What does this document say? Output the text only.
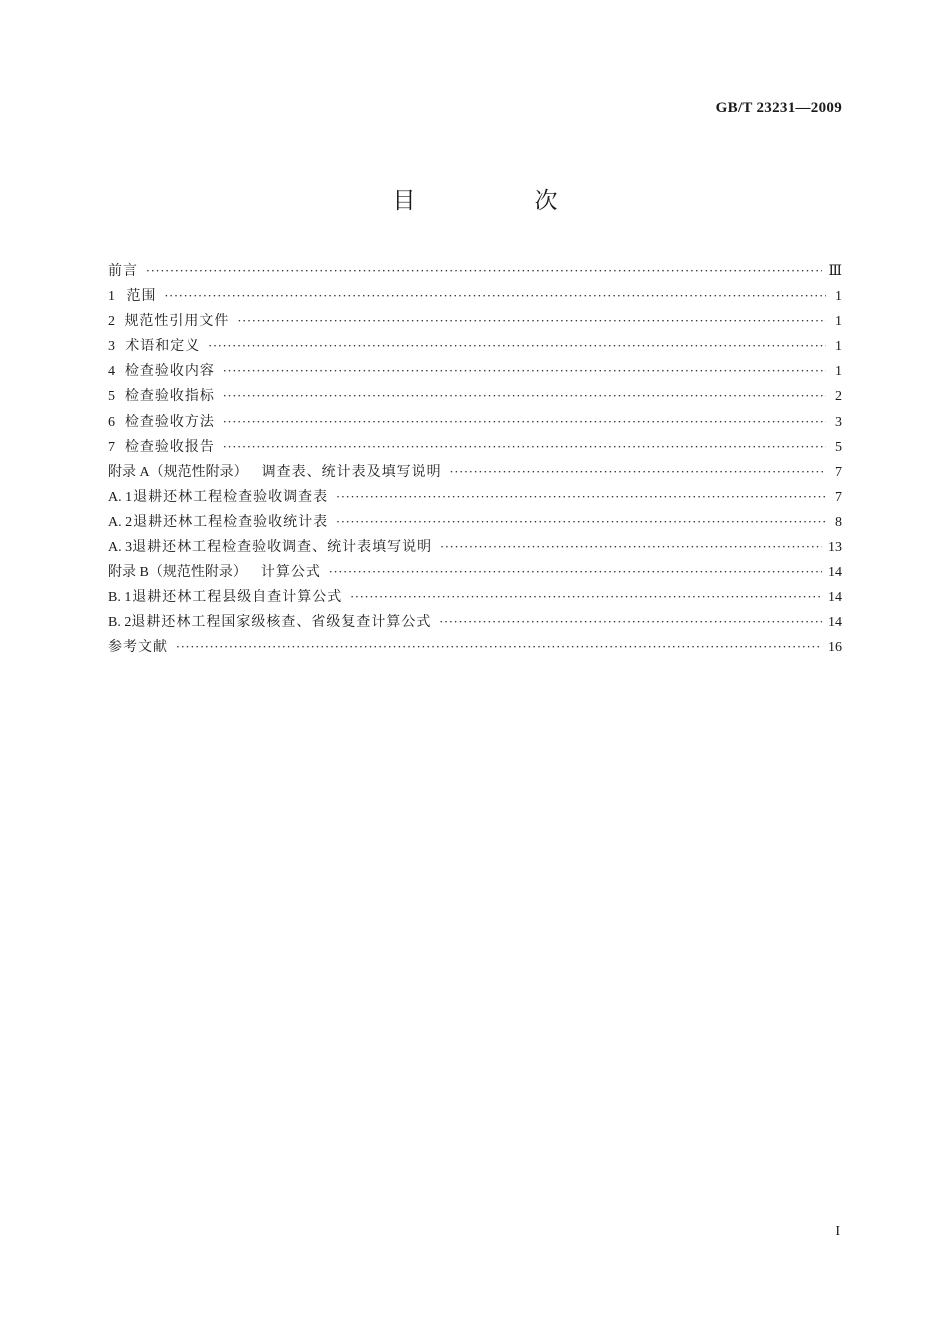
GB/T 23231—2009
目　次
前言 ·····	Ⅲ
1 范围 ·····	1
2 规范性引用文件 ·····	1
3 术语和定义 ·····	1
4 检查验收内容 ·····	1
5 检查验收指标 ·····	2
6 检查验收方法 ·····	3
7 检查验收报告 ·····	5
附录 A（规范性附录） 调查表、统计表及填写说明 ·····	7
A. 1 退耕还林工程检查验收调查表 ·····	7
A. 2 退耕还林工程检查验收统计表 ·····	8
A. 3 退耕还林工程检查验收调查、统计表填写说明 ·····	13
附录 B（规范性附录） 计算公式 ·····	14
B. 1 退耕还林工程县级自查计算公式 ·····	14
B. 2 退耕还林工程国家级核查、省级复查计算公式 ·····	14
参考文献 ·····	16
I
